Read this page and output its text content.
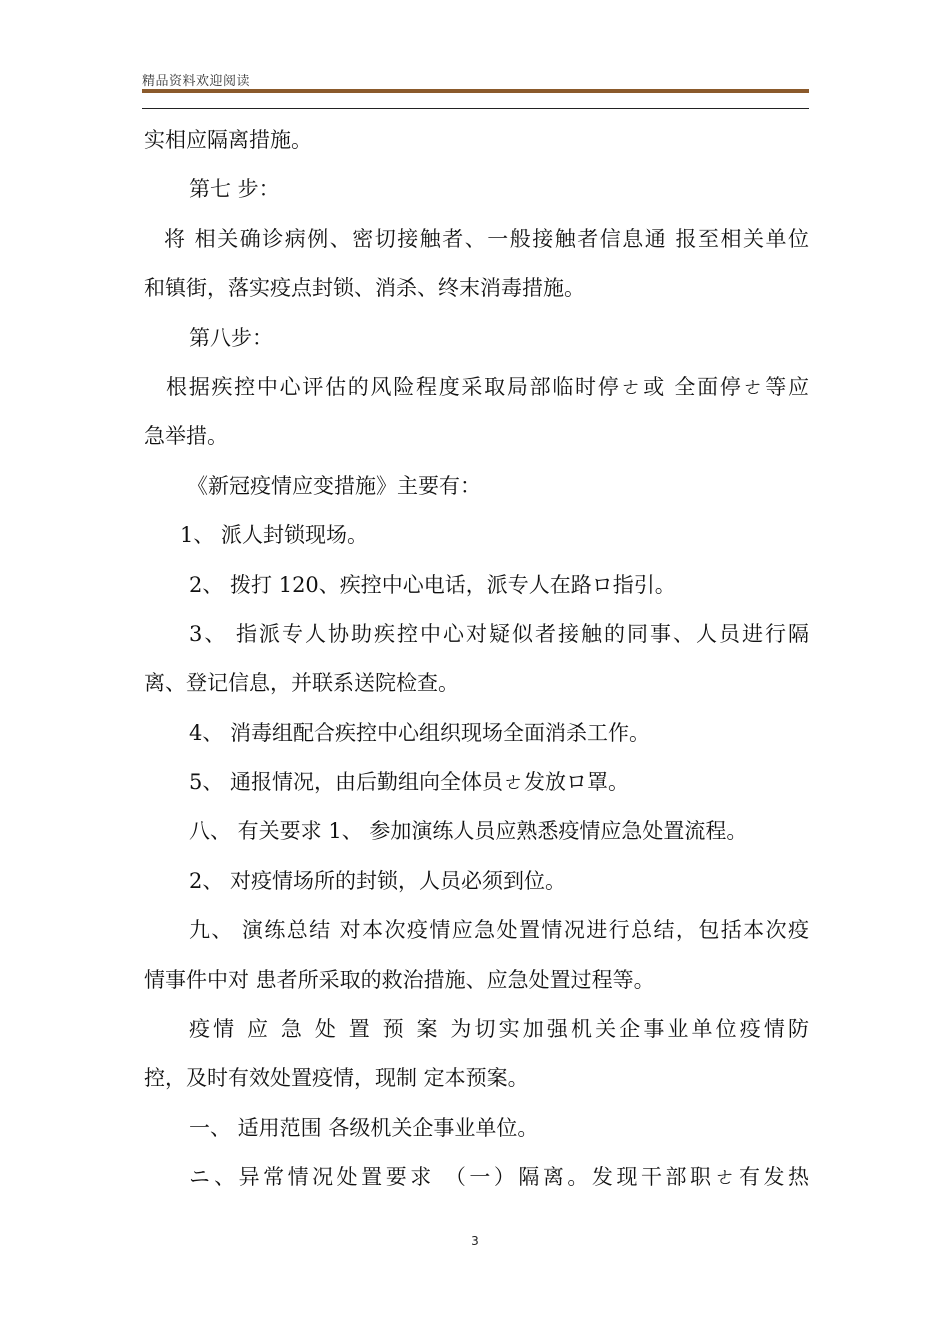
精品资料欢迎阅读
实相应隔离措施。
第七 步：
将 相关确诊病例、密切接触者、一般接触者信息通 报至相关单位
和镇街，落实疫点封锁、消杀、终末消毒措施。
第八步：
根据疾控中心评估的风险程度采取局部临时停ㄜ或 全面停ㄜ等应
急举措。
《新冠疫情应变措施》主要有：
1、 派人封锁现场。
2、 拨打 120、疾控中心电话，派专人在路ロ指引。
3、 指派专人协助疾控中心对疑似者接触的同事、人员进行隔
离、登记信息，并联系送院检查。
4、 消毒组配合疾控中心组织现场全面消杀工作。
5、 通报情况，由后勤组向全体员ㄜ发放ロ罩。
八、 有关要求 1、 参加演练人员应熟悉疫情应急处置流程。
2、 对疫情场所的封锁，人员必须到位。
九、 演练总结 对本次疫情应急处置情况进行总结，包括本次疫
情事件中对 患者所采取的救治措施、应急处置过程等。
疫情 应 急 处 置 预 案 为切实加强机关企事业单位疫情防
控，及时有效处置疫情，现制 定本预案。
一、 适用范围 各级机关企事业单位。
ニ、异常情况处置要求 （一）隔离。发现干部职ㄜ有发热
3
